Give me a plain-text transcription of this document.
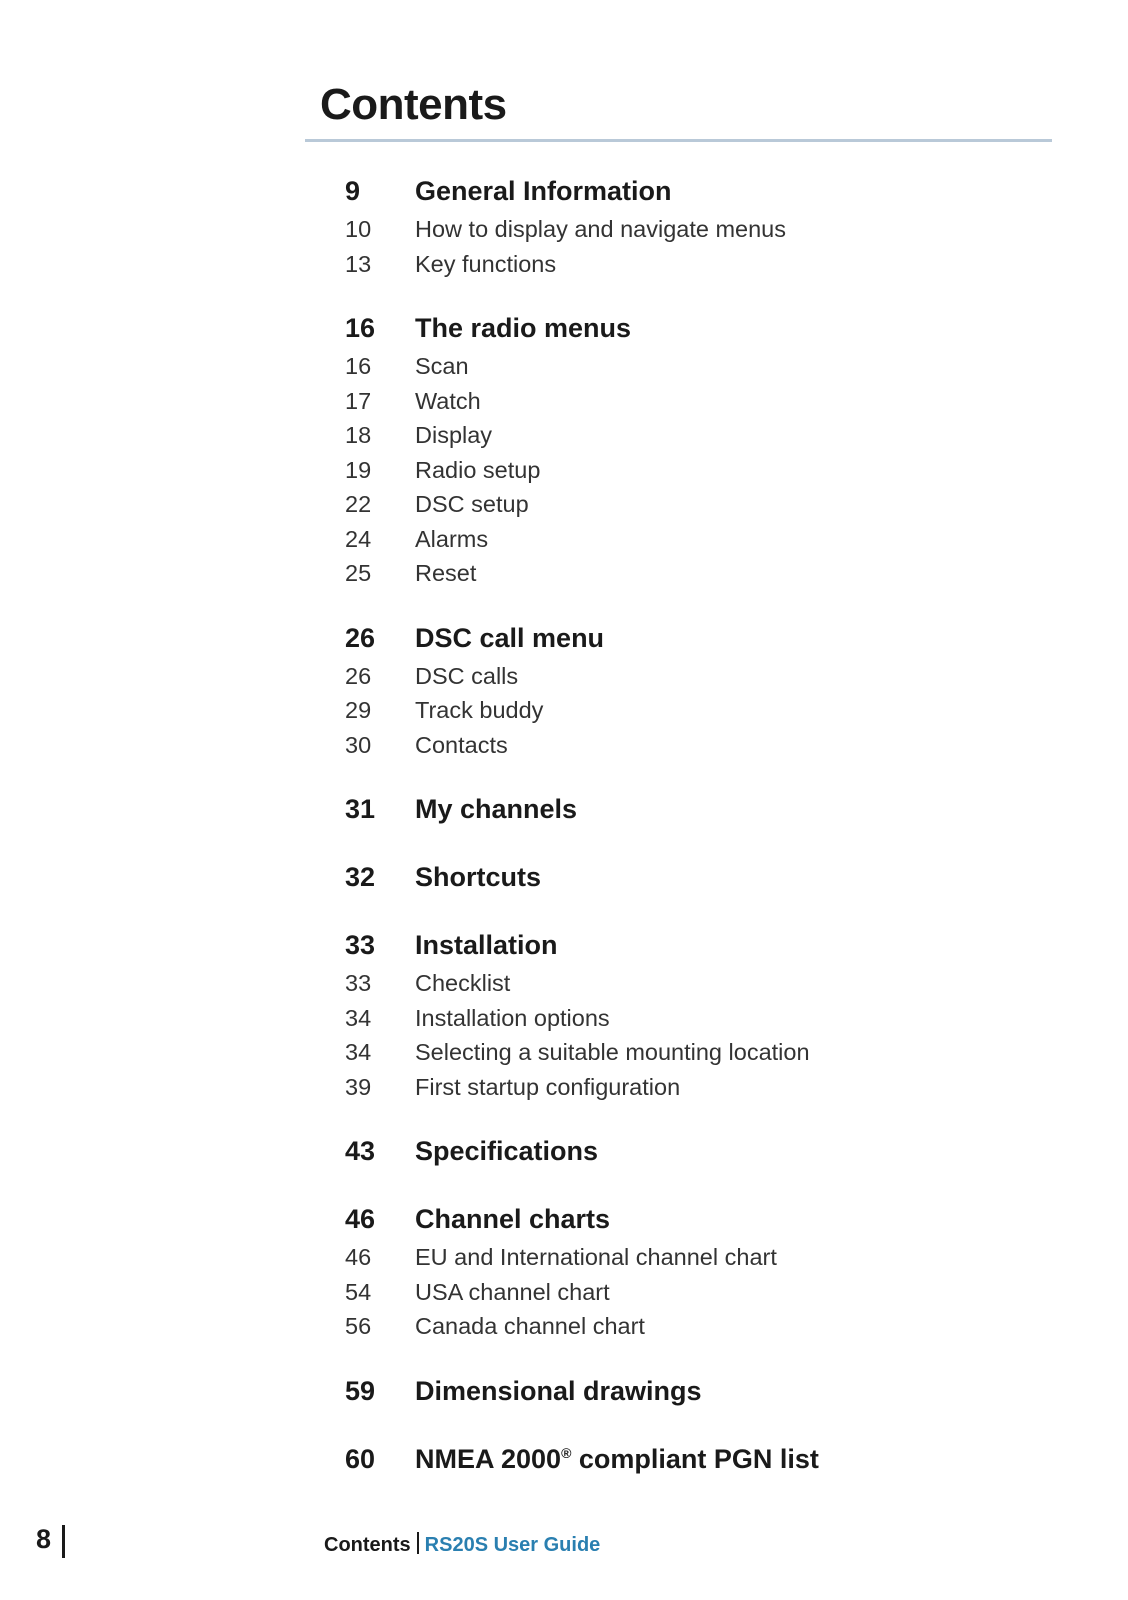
Contents
9	General Information
10	How to display and navigate menus
13	Key functions
16	The radio menus
16	Scan
17	Watch
18	Display
19	Radio setup
22	DSC setup
24	Alarms
25	Reset
26	DSC call menu
26	DSC calls
29	Track buddy
30	Contacts
31	My channels
32	Shortcuts
33	Installation
33	Checklist
34	Installation options
34	Selecting a suitable mounting location
39	First startup configuration
43	Specifications
46	Channel charts
46	EU and International channel chart
54	USA channel chart
56	Canada channel chart
59	Dimensional drawings
60	NMEA 2000® compliant PGN list
8	Contents RS20S User Guide
